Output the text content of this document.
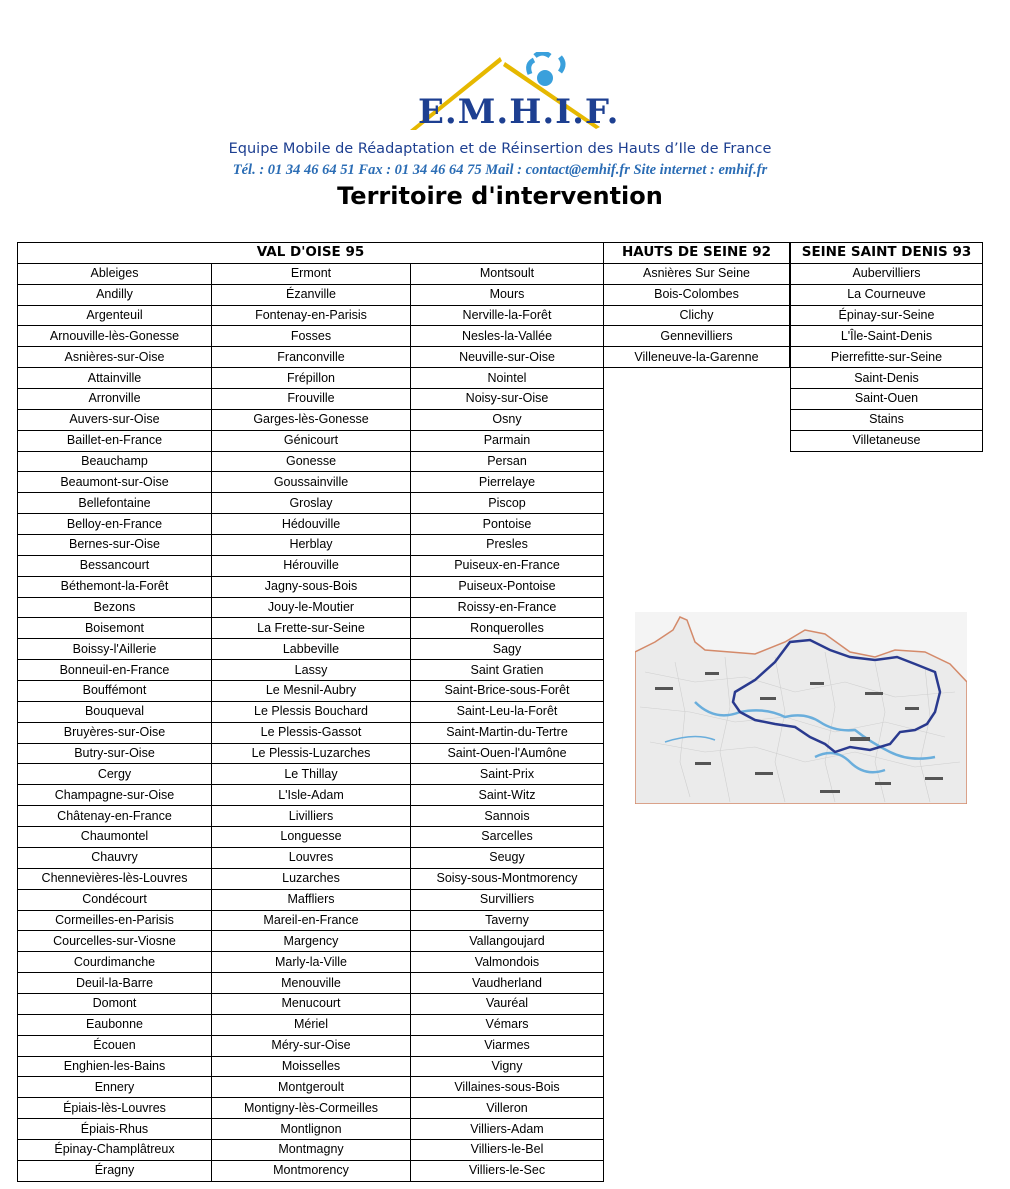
E.M.H.I.F.
Equipe Mobile de Réadaptation et de Réinsertion des Hauts d’Ile de France
Tél. : 01 34 46 64 51 Fax : 01 34 46 64 75 Mail : contact@emhif.fr Site internet : emhif.fr
Territoire d'intervention
VAL D'OISE 95		
Ableiges	Ermont	Montsoult
Andilly	Ézanville	Mours
Argenteuil	Fontenay-en-Parisis	Nerville-la-Forêt
Arnouville-lès-Gonesse	Fosses	Nesles-la-Vallée
Asnières-sur-Oise	Franconville	Neuville-sur-Oise
Attainville	Frépillon	Nointel
Arronville	Frouville	Noisy-sur-Oise
Auvers-sur-Oise	Garges-lès-Gonesse	Osny
Baillet-en-France	Génicourt	Parmain
Beauchamp	Gonesse	Persan
Beaumont-sur-Oise	Goussainville	Pierrelaye
Bellefontaine	Groslay	Piscop
Belloy-en-France	Hédouville	Pontoise
Bernes-sur-Oise	Herblay	Presles
Bessancourt	Hérouville	Puiseux-en-France
Béthemont-la-Forêt	Jagny-sous-Bois	Puiseux-Pontoise
Bezons	Jouy-le-Moutier	Roissy-en-France
Boisemont	La Frette-sur-Seine	Ronquerolles
Boissy-l'Aillerie	Labbeville	Sagy
Bonneuil-en-France	Lassy	Saint Gratien
Bouffémont	Le Mesnil-Aubry	Saint-Brice-sous-Forêt
Bouqueval	Le Plessis Bouchard	Saint-Leu-la-Forêt
Bruyères-sur-Oise	Le Plessis-Gassot	Saint-Martin-du-Tertre
Butry-sur-Oise	Le Plessis-Luzarches	Saint-Ouen-l'Aumône
Cergy	Le Thillay	Saint-Prix
Champagne-sur-Oise	L'Isle-Adam	Saint-Witz
Châtenay-en-France	Livilliers	Sannois
Chaumontel	Longuesse	Sarcelles
Chauvry	Louvres	Seugy
Chennevières-lès-Louvres	Luzarches	Soisy-sous-Montmorency
Condécourt	Maffliers	Survilliers
Cormeilles-en-Parisis	Mareil-en-France	Taverny
Courcelles-sur-Viosne	Margency	Vallangoujard
Courdimanche	Marly-la-Ville	Valmondois
Deuil-la-Barre	Menouville	Vaudherland
Domont	Menucourt	Vauréal
Eaubonne	Mériel	Vémars
Écouen	Méry-sur-Oise	Viarmes
Enghien-les-Bains	Moisselles	Vigny
Ennery	Montgeroult	Villaines-sous-Bois
Épiais-lès-Louvres	Montigny-lès-Cormeilles	Villeron
Épiais-Rhus	Montlignon	Villiers-Adam
Épinay-Champlâtreux	Montmagny	Villiers-le-Bel
Éragny	Montmorency	Villiers-le-Sec
HAUTS DE SEINE 92
Asnières Sur Seine
Bois-Colombes
Clichy
Gennevilliers
Villeneuve-la-Garenne
SEINE SAINT DENIS 93
Aubervilliers
La Courneuve
Épinay-sur-Seine
L'Île-Saint-Denis
Pierrefitte-sur-Seine
Saint-Denis
Saint-Ouen
Stains
Villetaneuse
